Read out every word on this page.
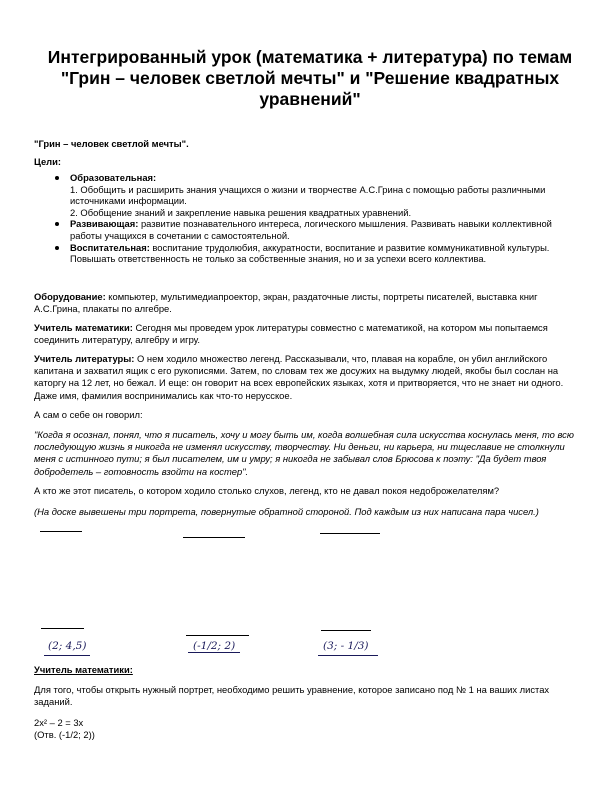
Интегрированный урок (математика + литература) по темам "Грин – человек светлой мечты" и "Решение квадратных уравнений"
"Грин – человек светлой мечты".
Цели:
Образовательная:
1. Обобщить и расширить знания учащихся о жизни и творчестве А.С.Грина с помощью работы различными источниками информации.
2. Обобщение знаний и закрепление навыка решения квадратных уравнений.
Развивающая: развитие познавательного интереса, логического мышления. Развивать навыки коллективной работы учащихся в сочетании с самостоятельной.
Воспитательная: воспитание трудолюбия, аккуратности, воспитание и развитие коммуникативной культуры. Повышать ответственность не только за собственные знания, но и за успехи всего коллектива.
Оборудование: компьютер, мультимедиапроектор, экран, раздаточные листы, портреты писателей, выставка книг А.С.Грина, плакаты по алгебре.
Учитель математики: Сегодня мы проведем урок литературы совместно с математикой, на котором мы попытаемся соединить литературу, алгебру и игру.
Учитель литературы: О нем ходило множество легенд. Рассказывали, что, плавая на корабле, он убил английского капитана и захватил ящик с его рукописями. Затем, по словам тех же досужих на выдумку людей, якобы был сослан на каторгу на 12 лет, но бежал. И еще: он говорит на всех европейских языках, хотя и притворяется, что не знает ни одного. Даже имя, фамилия воспринимались как что-то нерусское.
А сам о себе он говорил:
"Когда я осознал, понял, что я писатель, хочу и могу быть им, когда волшебная сила искусства коснулась меня, то всю последующую жизнь я никогда не изменял искусству, творчеству. Ни деньги, ни карьера, ни тщеславие не столкнули меня с истинного пути; я был писателем, им и умру; я никогда не забывал слов Брюсова к поэту: "Да будет твоя добродетель – готовность взойти на костер".
А кто же этот писатель, о котором ходило столько слухов, легенд, кто не давал покоя недоброжелателям?
(На доске вывешены три портрета, повернутые обратной стороной. Под каждым из них написана пара чисел.)
(2; 4,5)	(-1/2; 2)	(3; - 1/3)
Учитель математики:
Для того, чтобы открыть нужный портрет, необходимо решить уравнение, которое записано под № 1 на ваших листах заданий.
2x² – 2 = 3x
(Отв. (-1/2; 2))
